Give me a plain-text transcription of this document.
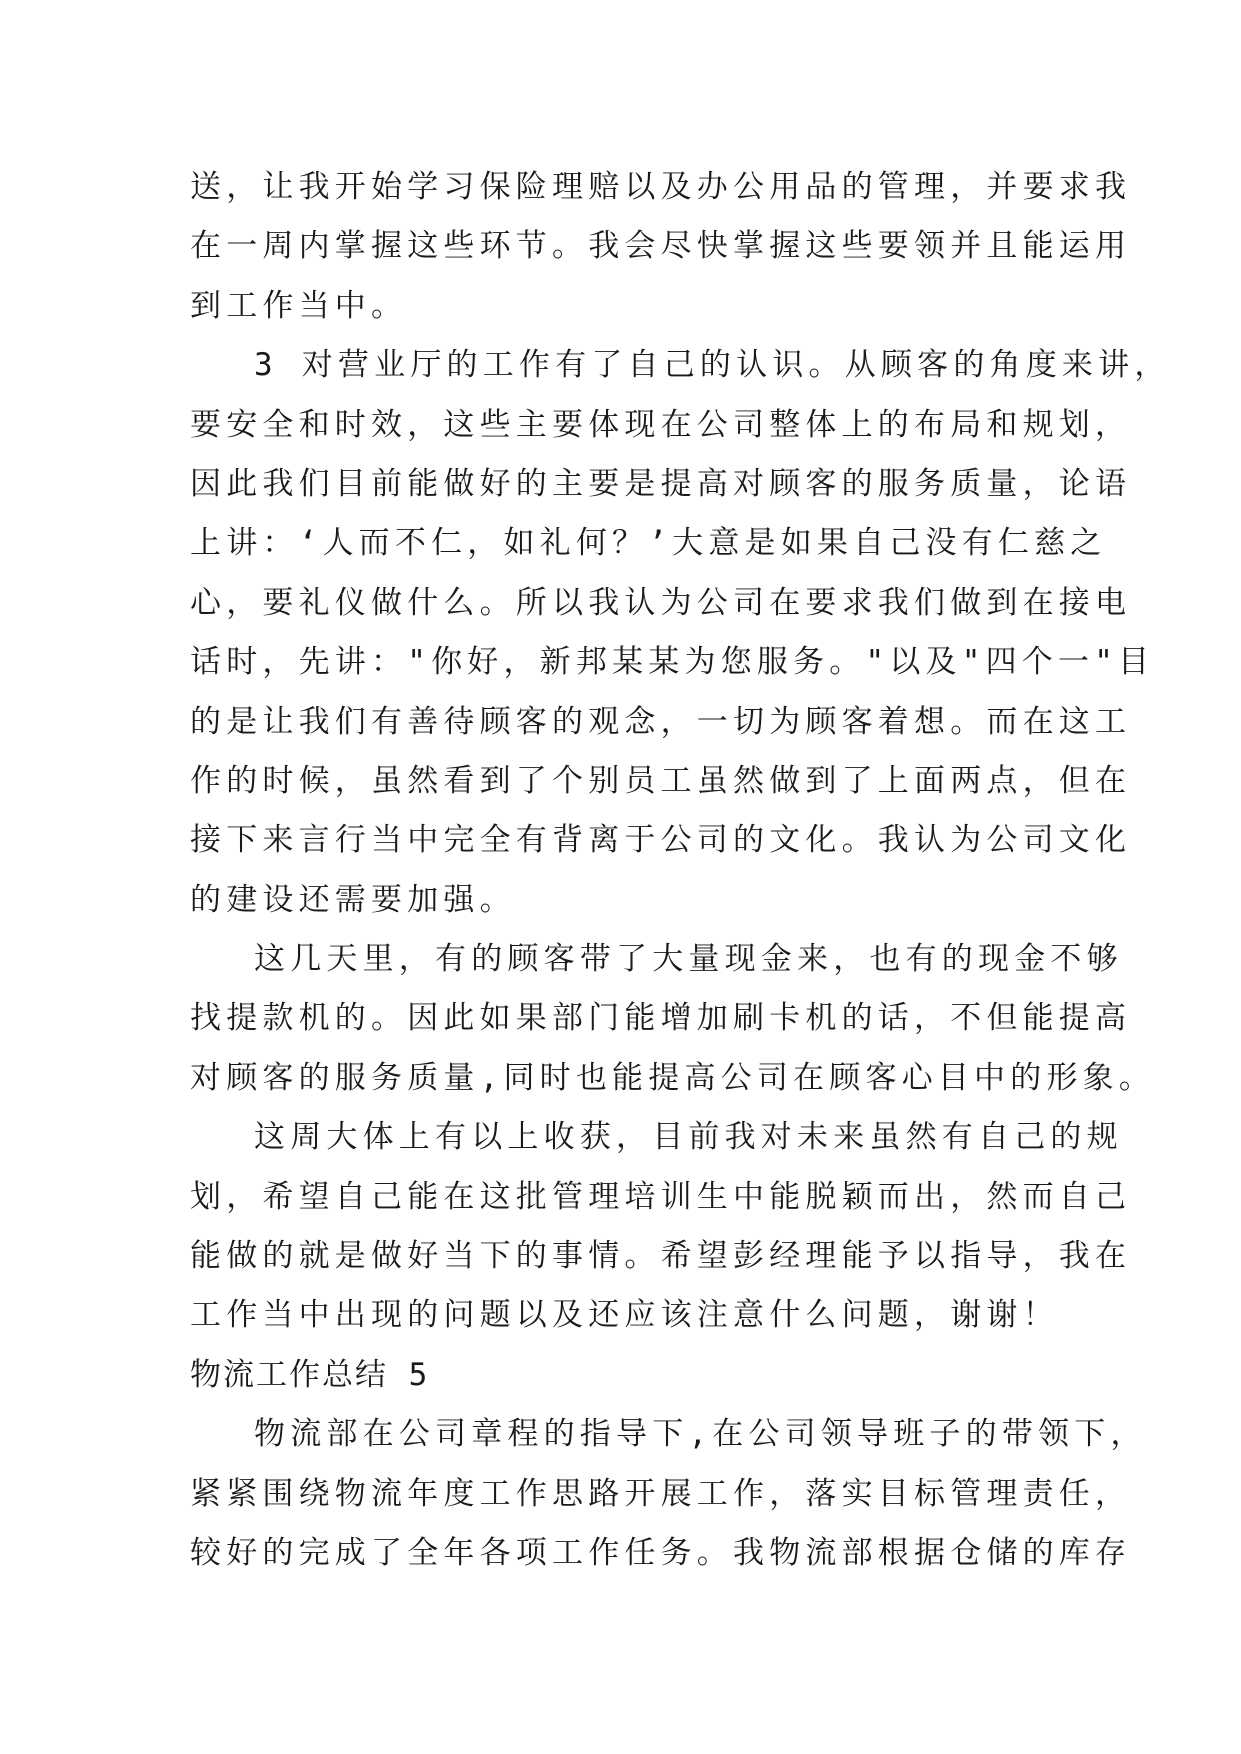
送，让我开始学习保险理赔以及办公用品的管理，并要求我
在一周内掌握这些环节。我会尽快掌握这些要领并且能运用
到工作当中。
3 对营业厅的工作有了自己的认识。从顾客的角度来讲，
要安全和时效，这些主要体现在公司整体上的布局和规划，
因此我们目前能做好的主要是提高对顾客的服务质量，论语
上讲：‘人而不仁，如礼何？’大意是如果自己没有仁慈之
心，要礼仪做什么。所以我认为公司在要求我们做到在接电
话时，先讲："你好，新邦某某为您服务。"以及"四个一"目
的是让我们有善待顾客的观念，一切为顾客着想。而在这工
作的时候，虽然看到了个别员工虽然做到了上面两点，但在
接下来言行当中完全有背离于公司的文化。我认为公司文化
的建设还需要加强。
这几天里，有的顾客带了大量现金来，也有的现金不够
找提款机的。因此如果部门能增加刷卡机的话，不但能提高
对顾客的服务质量,同时也能提高公司在顾客心目中的形象。
这周大体上有以上收获，目前我对未来虽然有自己的规
划，希望自己能在这批管理培训生中能脱颖而出，然而自己
能做的就是做好当下的事情。希望彭经理能予以指导，我在
工作当中出现的问题以及还应该注意什么问题，谢谢！
物流工作总结 5
物流部在公司章程的指导下,在公司领导班子的带领下，
紧紧围绕物流年度工作思路开展工作，落实目标管理责任，
较好的完成了全年各项工作任务。我物流部根据仓储的库存
